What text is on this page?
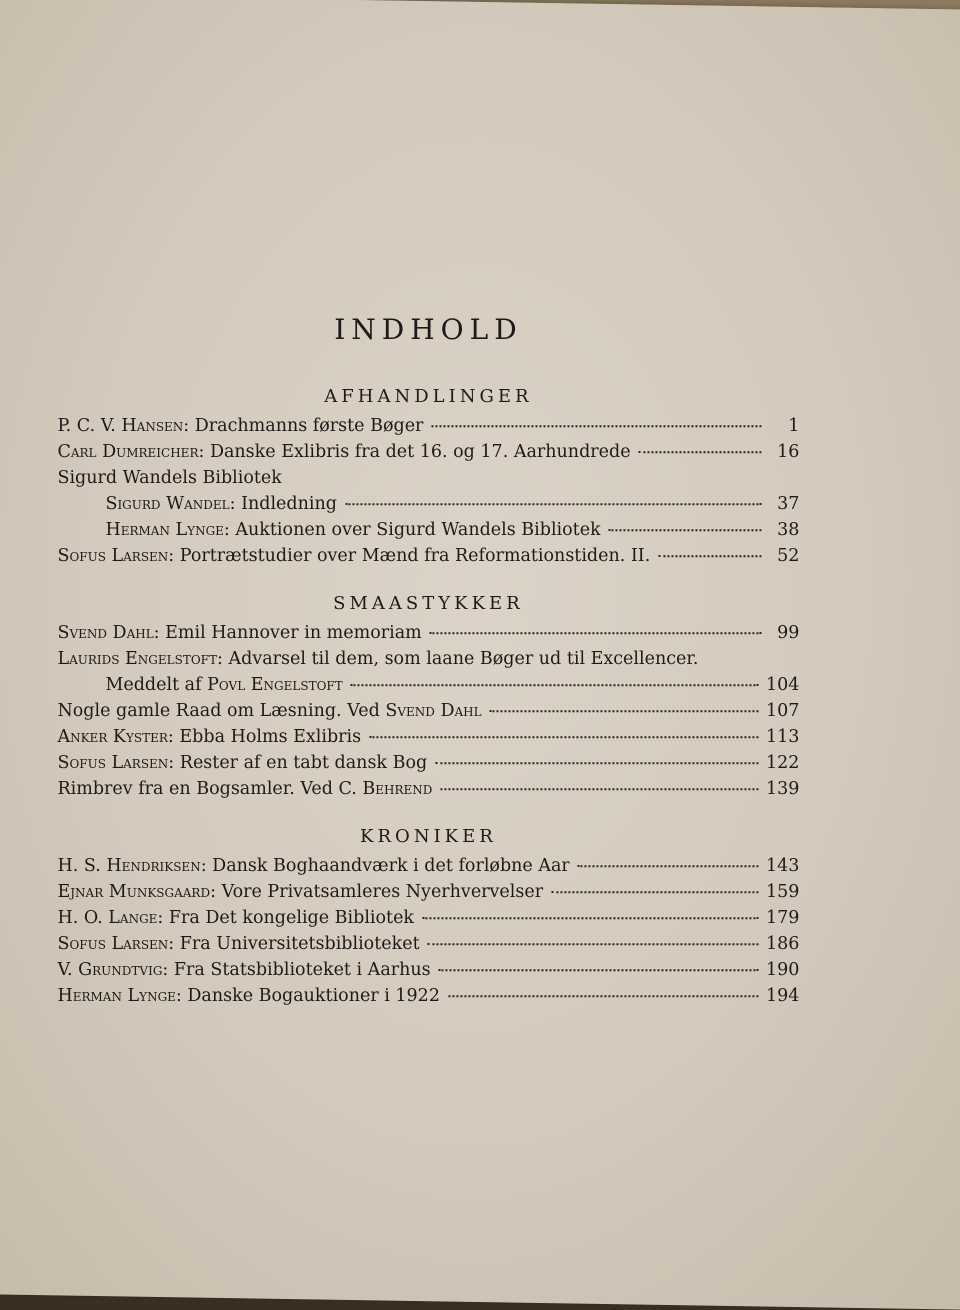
INDHOLD
AFHANDLINGER
P. C. V. Hansen: Drachmanns første Bøger	1
Carl Dumreicher: Danske Exlibris fra det 16. og 17. Aarhundrede	16
Sigurd Wandels Bibliotek
Sigurd Wandel: Indledning	37
Herman Lynge: Auktionen over Sigurd Wandels Bibliotek	38
Sofus Larsen: Portrætstudier over Mænd fra Reformationstiden. II.	52
SMAASTYKKER
Svend Dahl: Emil Hannover in memoriam	99
Laurids Engelstoft: Advarsel til dem, som laane Bøger ud til Excellencer.
Meddelt af Povl Engelstoft	104
Nogle gamle Raad om Læsning. Ved Svend Dahl	107
Anker Kyster: Ebba Holms Exlibris	113
Sofus Larsen: Rester af en tabt dansk Bog	122
Rimbrev fra en Bogsamler. Ved C. Behrend	139
KRONIKER
H. S. Hendriksen: Dansk Boghaandværk i det forløbne Aar	143
Ejnar Munksgaard: Vore Privatsamleres Nyerhvervelser	159
H. O. Lange: Fra Det kongelige Bibliotek	179
Sofus Larsen: Fra Universitetsbiblioteket	186
V. Grundtvig: Fra Statsbiblioteket i Aarhus	190
Herman Lynge: Danske Bogauktioner i 1922	194
